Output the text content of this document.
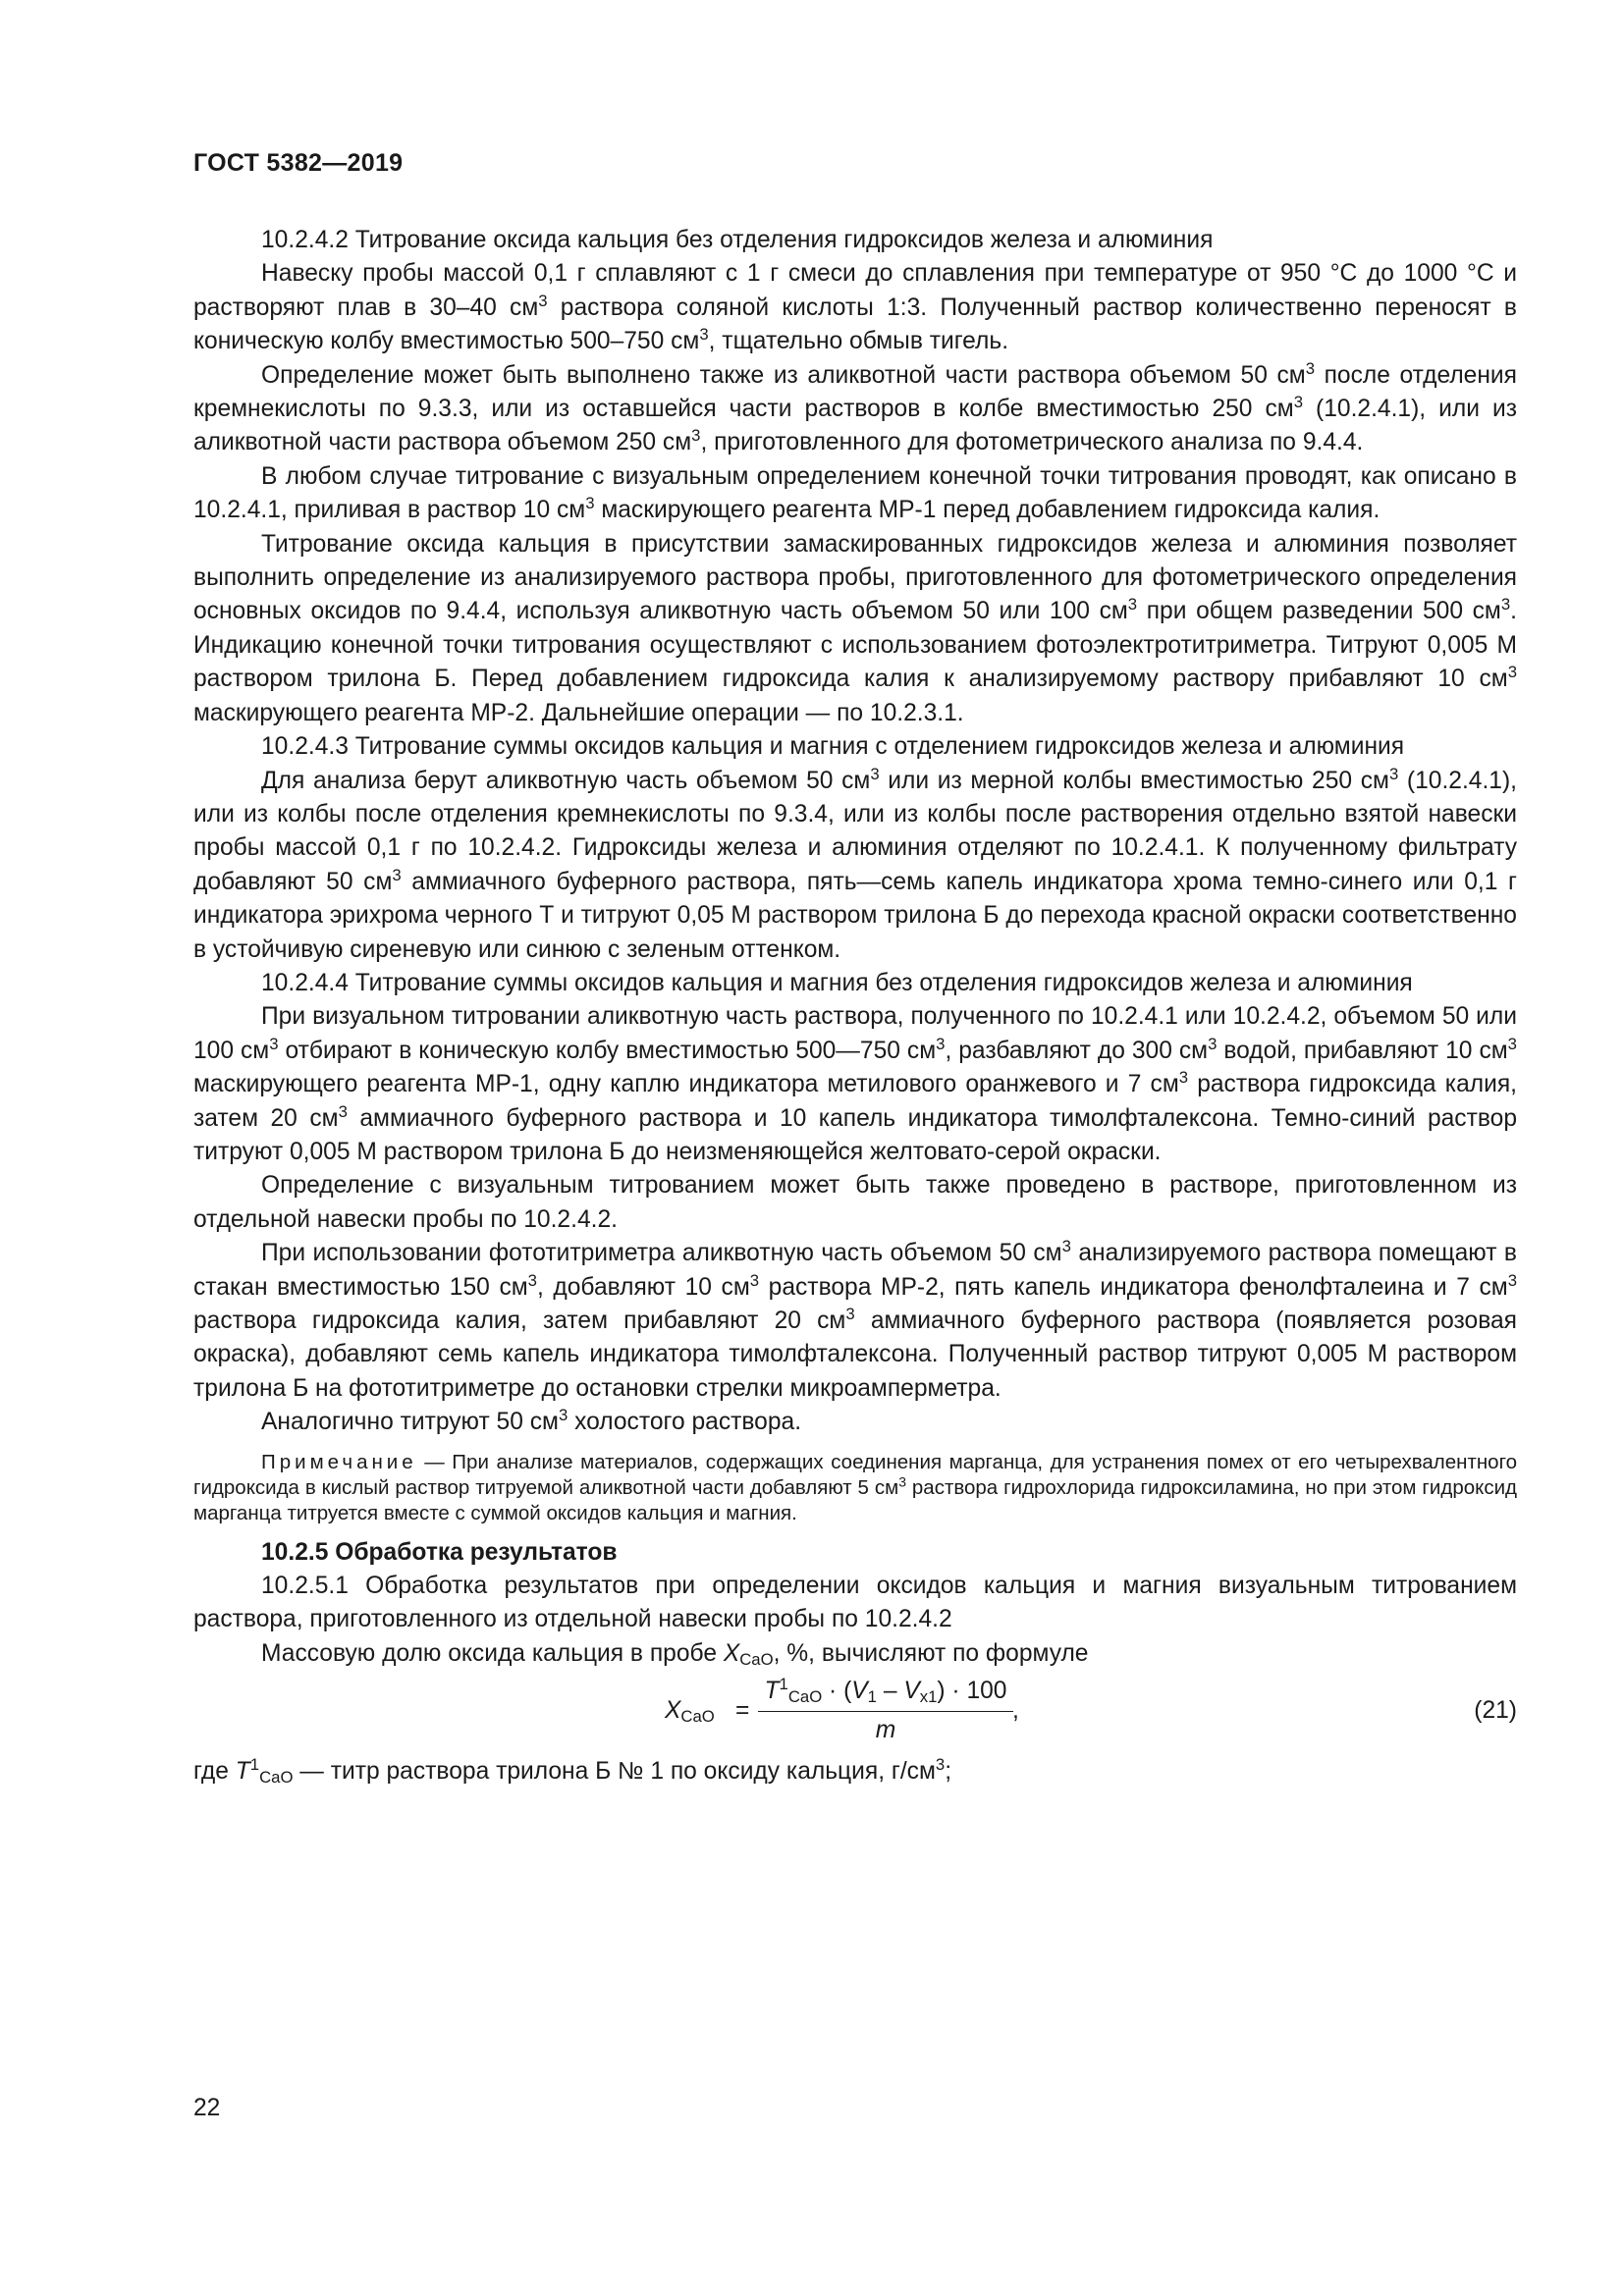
ГОСТ 5382—2019

10.2.4.2 Титрование оксида кальция без отделения гидроксидов железа и алюминия

Навеску пробы массой 0,1 г сплавляют с 1 г смеси до сплавления при температуре от 950 °С до 1000 °С и растворяют плав в 30–40 $см^3$ раствора соляной кислоты 1:3. Полученный раствор количественно переносят в коническую колбу вместимостью 500–750 $см^3$, тщательно обмыв тигель.

Определение может быть выполнено также из аликвотной части раствора объемом 50 $см^3$ после отделения кремнекислоты по 9.3.3, или из оставшейся части растворов в колбе вместимостью 250 $см^3$ (10.2.4.1), или из аликвотной части раствора объемом 250 $см^3$, приготовленного для фотометрического анализа по 9.4.4.

В любом случае титрование с визуальным определением конечной точки титрования проводят, как описано в 10.2.4.1, приливая в раствор 10 $см^3$ маскирующего реагента МР-1 перед добавлением гидроксида калия.

Титрование оксида кальция в присутствии замаскированных гидроксидов железа и алюминия позволяет выполнить определение из анализируемого раствора пробы, приготовленного для фотометрического определения основных оксидов по 9.4.4, используя аликвотную часть объемом 50 или 100 $см^3$ при общем разведении 500 $см^3$. Индикацию конечной точки титрования осуществляют с использованием фотоэлектротитриметра. Титруют 0,005 М раствором трилона Б. Перед добавлением гидроксида калия к анализируемому раствору прибавляют 10 $см^3$ маскирующего реагента МР-2. Дальнейшие операции — по 10.2.3.1.

10.2.4.3 Титрование суммы оксидов кальция и магния с отделением гидроксидов железа и алюминия

Для анализа берут аликвотную часть объемом 50 $см^3$ или из мерной колбы вместимостью 250 $см^3$ (10.2.4.1), или из колбы после отделения кремнекислоты по 9.3.4, или из колбы после растворения отдельно взятой навески пробы массой 0,1 г по 10.2.4.2. Гидроксиды железа и алюминия отделяют по 10.2.4.1. К полученному фильтрату добавляют 50 $см^3$ аммиачного буферного раствора, пять—семь капель индикатора хрома темно-синего или 0,1 г индикатора эрихрома черного Т и титруют 0,05 М раствором трилона Б до перехода красной окраски соответственно в устойчивую сиреневую или синюю с зеленым оттенком.

10.2.4.4 Титрование суммы оксидов кальция и магния без отделения гидроксидов железа и алюминия

При визуальном титровании аликвотную часть раствора, полученного по 10.2.4.1 или 10.2.4.2, объемом 50 или 100 $см^3$ отбирают в коническую колбу вместимостью 500—750 $см^3$, разбавляют до 300 $см^3$ водой, прибавляют 10 $см^3$ маскирующего реагента МР-1, одну каплю индикатора метилового оранжевого и 7 $см^3$ раствора гидроксида калия, затем 20 $см^3$ аммиачного буферного раствора и 10 капель индикатора тимолфталексона. Темно-синий раствор титруют 0,005 М раствором трилона Б до неизменяющейся желтовато-серой окраски.

Определение с визуальным титрованием может быть также проведено в растворе, приготовленном из отдельной навески пробы по 10.2.4.2.

При использовании фототитриметра аликвотную часть объемом 50 $см^3$ анализируемого раствора помещают в стакан вместимостью 150 $см^3$, добавляют 10 $см^3$ раствора МР-2, пять капель индикатора фенолфталеина и 7 $см^3$ раствора гидроксида калия, затем прибавляют 20 $см^3$ аммиачного буферного раствора (появляется розовая окраска), добавляют семь капель индикатора тимолфталексона. Полученный раствор титруют 0,005 М раствором трилона Б на фототитриметре до остановки стрелки микроамперметра.

Аналогично титруют 50 $см^3$ холостого раствора.

Примечание — При анализе материалов, содержащих соединения марганца, для устранения помех от его четырехвалентного гидроксида в кислый раствор титруемой аликвотной части добавляют 5 $см^3$ раствора гидрохлорида гидроксиламина, но при этом гидроксид марганца титруется вместе с суммой оксидов кальция и магния.

10.2.5 Обработка результатов

10.2.5.1 Обработка результатов при определении оксидов кальция и магния визуальным титрованием раствора, приготовленного из отдельной навески пробы по 10.2.4.2

Массовую долю оксида кальция в пробе $X_{CaO}$, %, вычисляют по формуле

$X_{CaO}$ =
$T^1_{CaO} \cdot (V_1 - V_{x1}) \cdot 100$
m
,	(21)

где $T^1_{CaO}$ — титр раствора трилона Б № 1 по оксиду кальция, $г/см^3$;

22
